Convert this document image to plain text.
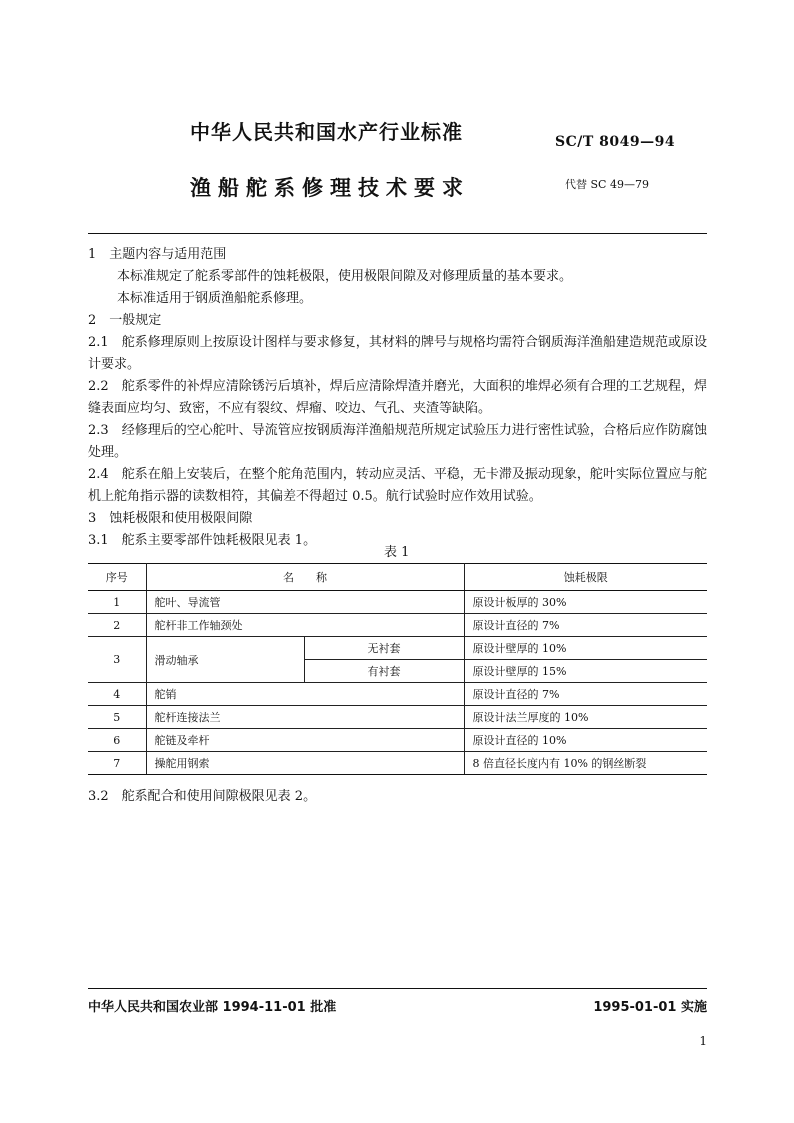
中华人民共和国水产行业标准	SC/T 8049—94
渔船舵系修理技术要求	代替 SC 49—79

1　主题内容与适用范围

本标准规定了舵系零部件的蚀耗极限，使用极限间隙及对修理质量的基本要求。

本标准适用于钢质渔船舵系修理。

2　一般规定

2.1　舵系修理原则上按原设计图样与要求修复，其材料的牌号与规格均需符合钢质海洋渔船建造规范或原设计要求。

2.2　舵系零件的补焊应清除锈污后填补，焊后应清除焊渣并磨光，大面积的堆焊必须有合理的工艺规程，焊缝表面应均匀、致密，不应有裂纹、焊瘤、咬边、气孔、夹渣等缺陷。

2.3　经修理后的空心舵叶、导流管应按钢质海洋渔船规范所规定试验压力进行密性试验，合格后应作防腐蚀处理。

2.4　舵系在船上安装后，在整个舵角范围内，转动应灵活、平稳，无卡滞及振动现象，舵叶实际位置应与舵机上舵角指示器的读数相符，其偏差不得超过 0.5。航行试验时应作效用试验。

3　蚀耗极限和使用极限间隙

3.1　舵系主要零部件蚀耗极限见表 1。

表 1
序号	名　　称		蚀耗极限
1	舵叶、导流管		原设计板厚的 30%
2	舵杆非工作轴颈处		原设计直径的 7%
3	滑动轴承	无衬套	原设计壁厚的 10%
		有衬套	原设计壁厚的 15%
4	舵销		原设计直径的 7%
5	舵杆连接法兰		原设计法兰厚度的 10%
6	舵链及牵杆		原设计直径的 10%
7	操舵用钢索		8 倍直径长度内有 10% 的钢丝断裂

3.2　舵系配合和使用间隙极限见表 2。

中华人民共和国农业部 1994-11-01 批准	1995-01-01 实施
1
